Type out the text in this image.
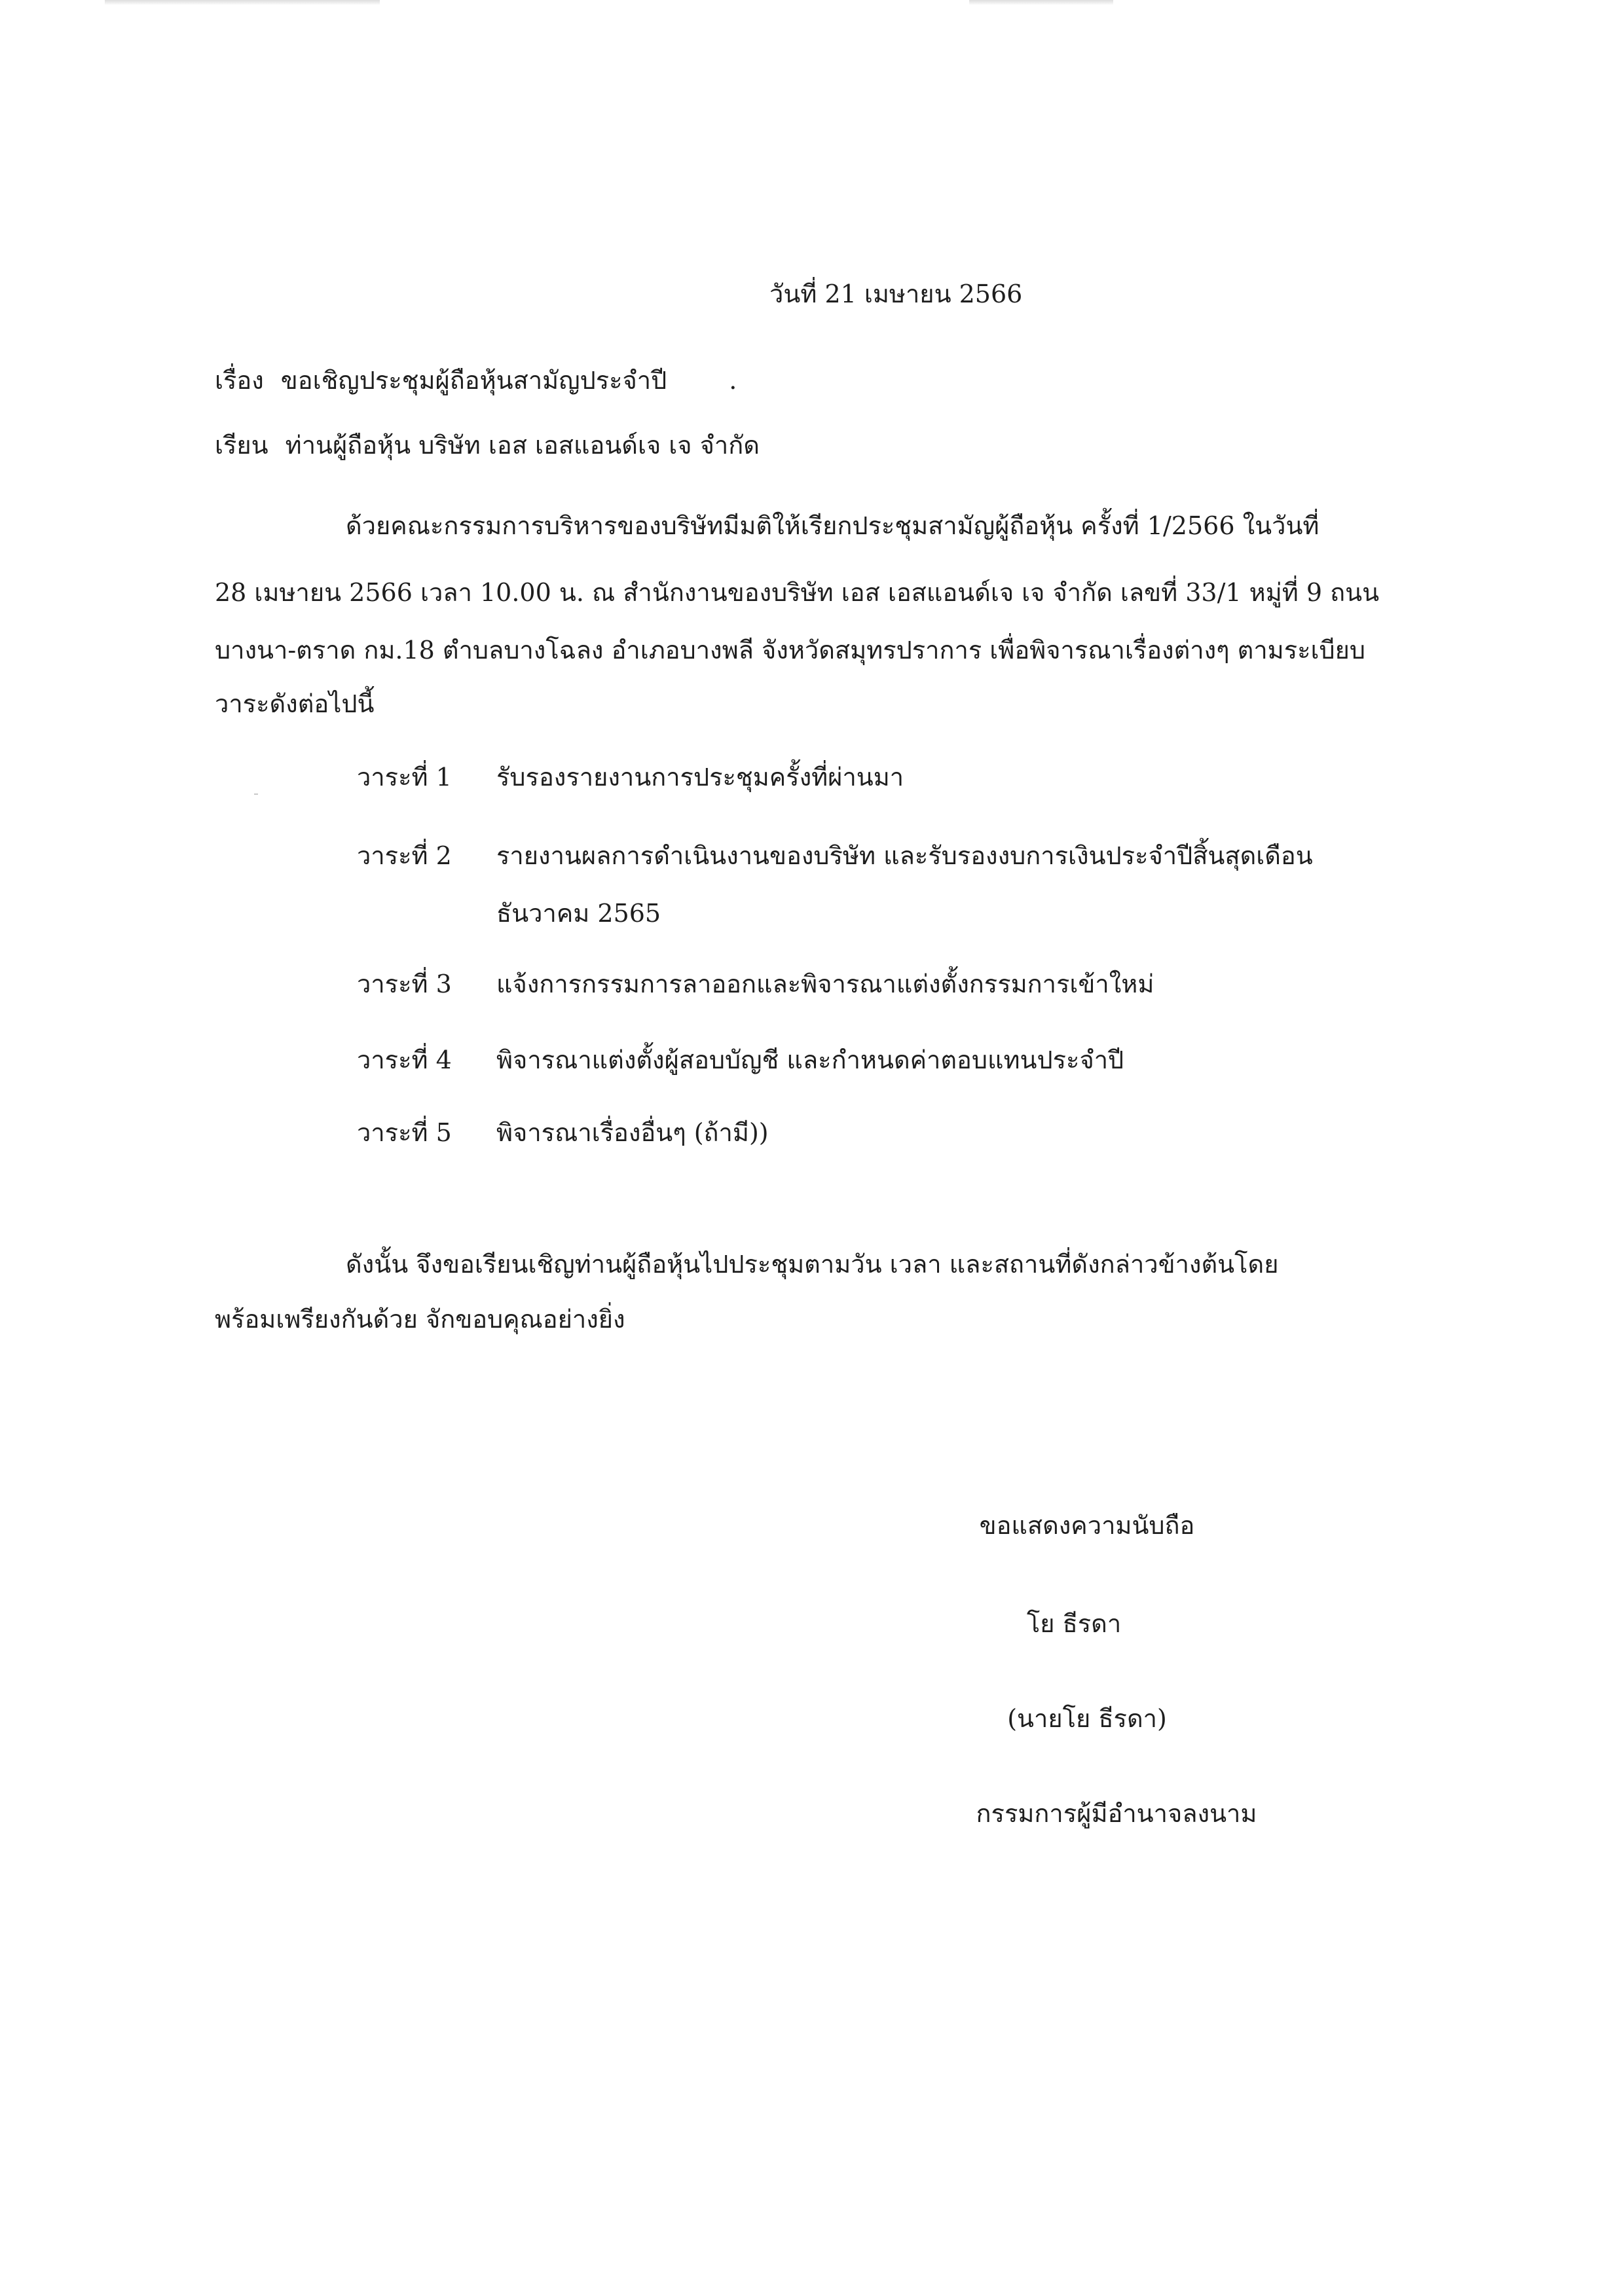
วันที่ 21 เมษายน 2566
เรื่อง ขอเชิญประชุมผู้ถือหุ้นสามัญประจำปี	.
เรียน ท่านผู้ถือหุ้น บริษัท เอส เอสแอนด์เจ เจ จำกัด
ด้วยคณะกรรมการบริหารของบริษัทมีมติให้เรียกประชุมสามัญผู้ถือหุ้น ครั้งที่ 1/2566 ในวันที่
28 เมษายน 2566 เวลา 10.00 น. ณ สำนักงานของบริษัท เอส เอสแอนด์เจ เจ จำกัด เลขที่ 33/1 หมู่ที่ 9 ถนน
บางนา-ตราด กม.18 ตำบลบางโฉลง อำเภอบางพลี จังหวัดสมุทรปราการ เพื่อพิจารณาเรื่องต่างๆ ตามระเบียบ
วาระดังต่อไปนี้
วาระที่ 1 รับรองรายงานการประชุมครั้งที่ผ่านมา
วาระที่ 2 รายงานผลการดำเนินงานของบริษัท และรับรองงบการเงินประจำปีสิ้นสุดเดือน
ธันวาคม 2565
วาระที่ 3 แจ้งการกรรมการลาออกและพิจารณาแต่งตั้งกรรมการเข้าใหม่
วาระที่ 4 พิจารณาแต่งตั้งผู้สอบบัญชี และกำหนดค่าตอบแทนประจำปี
วาระที่ 5 พิจารณาเรื่องอื่นๆ (ถ้ามี))
ดังนั้น จึงขอเรียนเชิญท่านผู้ถือหุ้นไปประชุมตามวัน เวลา และสถานที่ดังกล่าวข้างต้นโดย
พร้อมเพรียงกันด้วย จักขอบคุณอย่างยิ่ง
ขอแสดงความนับถือ
โย ธีรดา
(นายโย ธีรดา)
กรรมการผู้มีอำนาจลงนาม
